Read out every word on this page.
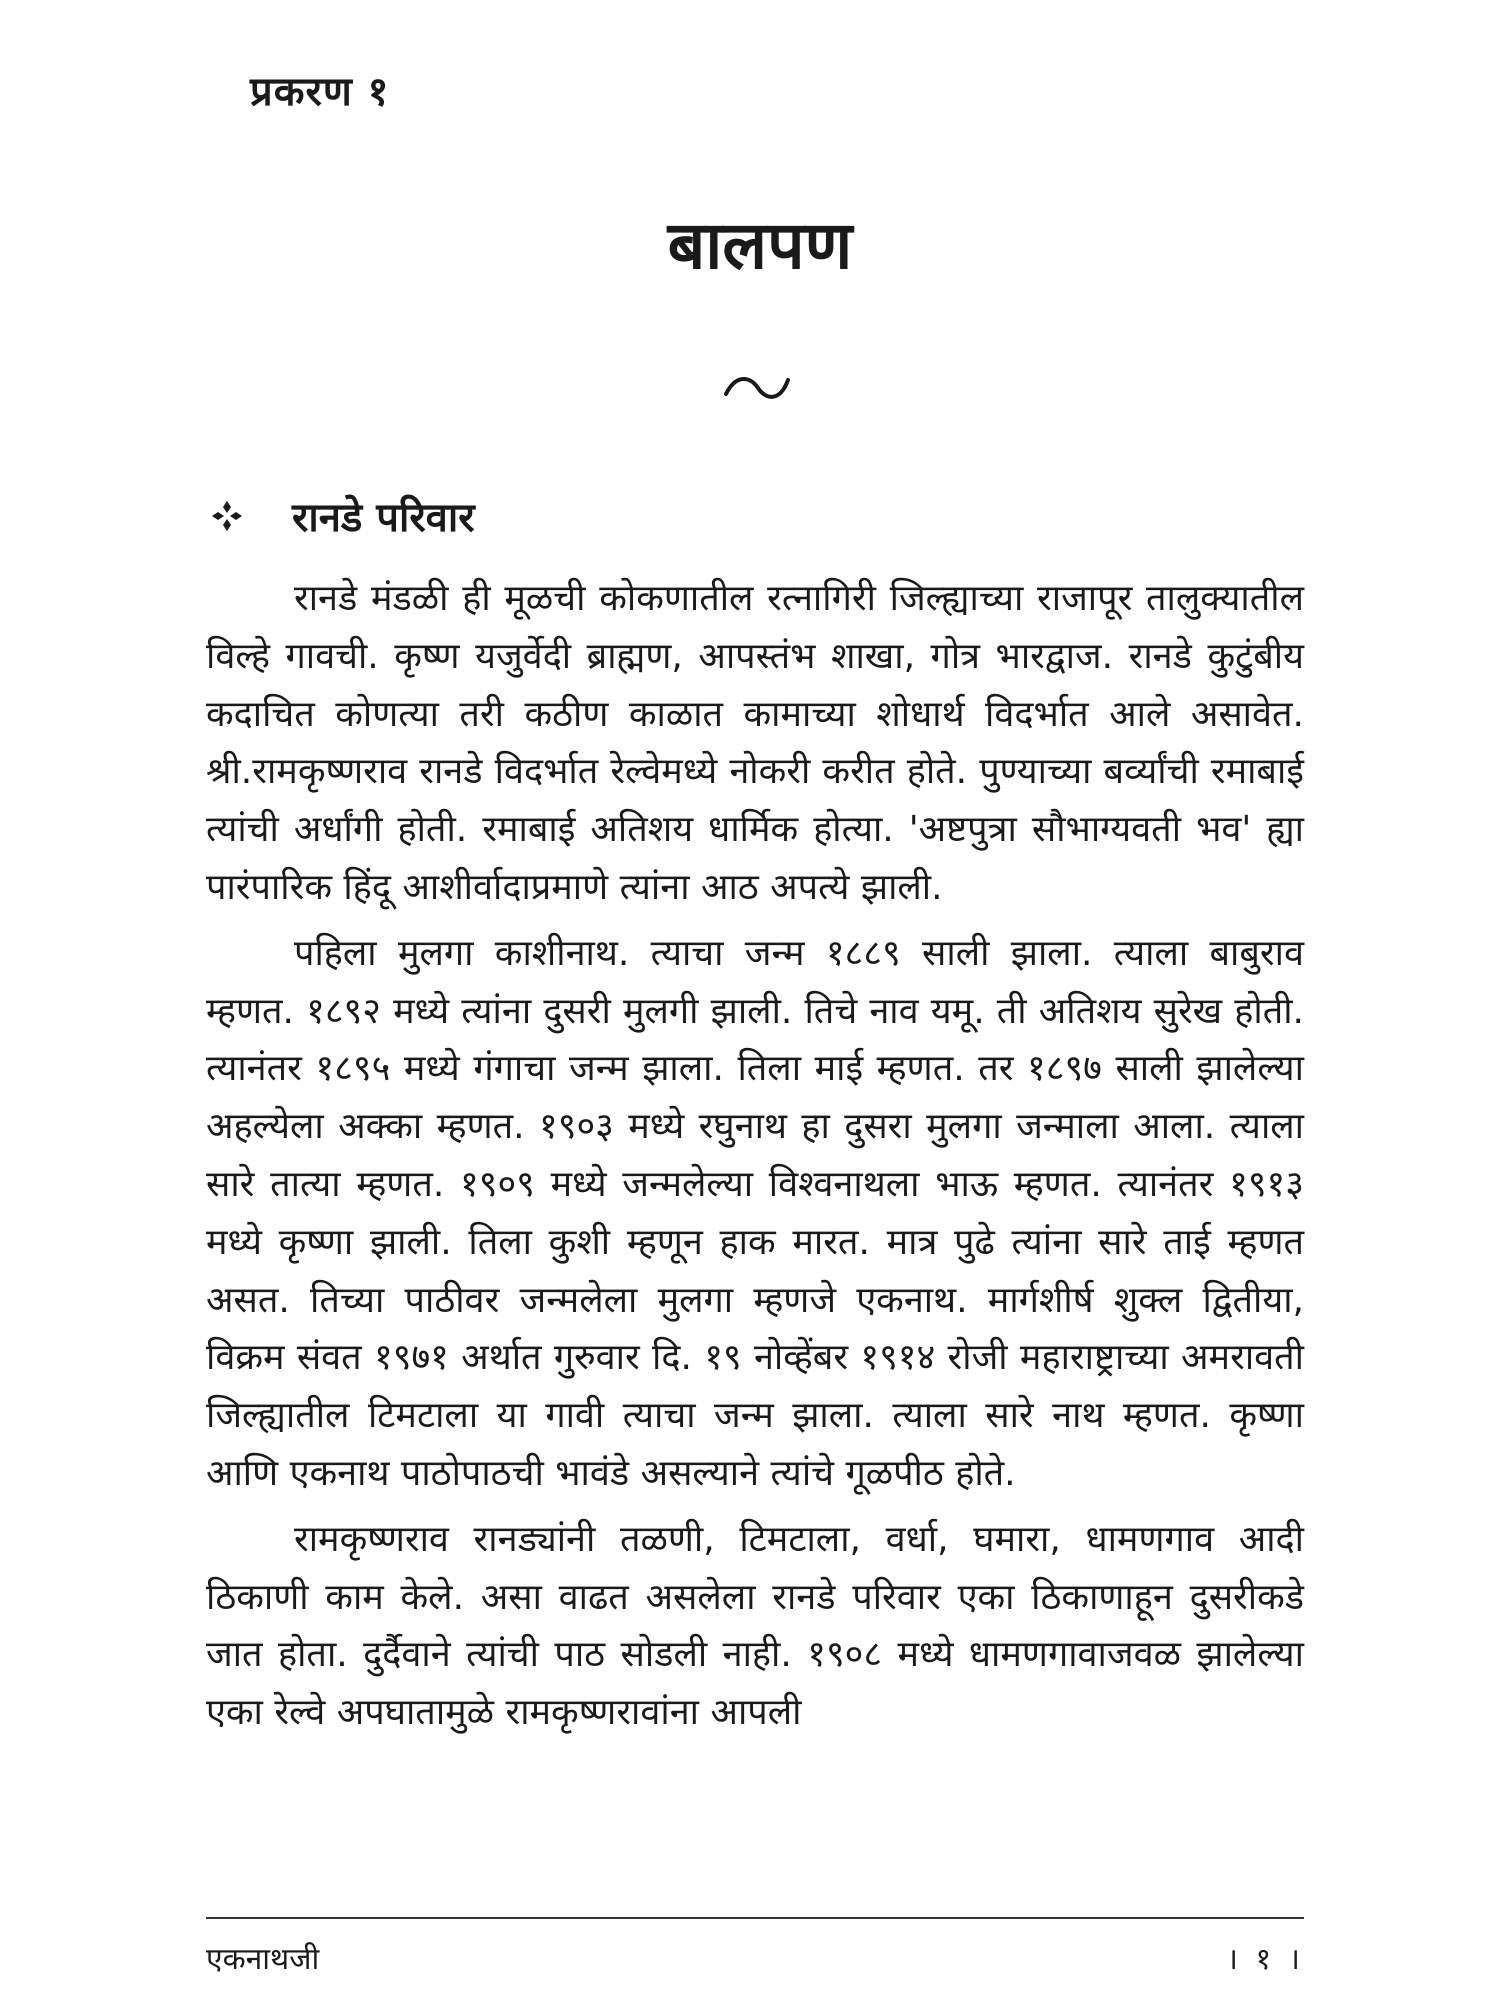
प्रकरण १
बालपण
रानडे परिवार

रानडे मंडळी ही मूळची कोकणातील रत्नागिरी जिल्ह्याच्या राजापूर तालुक्यातील विल्हे गावची. कृष्ण यजुर्वेदी ब्राह्मण, आपस्तंभ शाखा, गोत्र भारद्वाज. रानडे कुटुंबीय कदाचित कोणत्या तरी कठीण काळात कामाच्या शोधार्थ विदर्भात आले असावेत. श्री.रामकृष्णराव रानडे विदर्भात रेल्वेमध्ये नोकरी करीत होते. पुण्याच्या बर्व्यांची रमाबाई त्यांची अर्धांगी होती. रमाबाई अतिशय धार्मिक होत्या. 'अष्टपुत्रा सौभाग्यवती भव' ह्या पारंपारिक हिंदू आशीर्वादाप्रमाणे त्यांना आठ अपत्ये झाली.

पहिला मुलगा काशीनाथ. त्याचा जन्म १८८९ साली झाला. त्याला बाबुराव म्हणत. १८९२ मध्ये त्यांना दुसरी मुलगी झाली. तिचे नाव यमू. ती अतिशय सुरेख होती. त्यानंतर १८९५ मध्ये गंगाचा जन्म झाला. तिला माई म्हणत. तर १८९७ साली झालेल्या अहल्येला अक्का म्हणत. १९०३ मध्ये रघुनाथ हा दुसरा मुलगा जन्माला आला. त्याला सारे तात्या म्हणत. १९०९ मध्ये जन्मलेल्या विश्वनाथला भाऊ म्हणत. त्यानंतर १९१३ मध्ये कृष्णा झाली. तिला कुशी म्हणून हाक मारत. मात्र पुढे त्यांना सारे ताई म्हणत असत. तिच्या पाठीवर जन्मलेला मुलगा म्हणजे एकनाथ. मार्गशीर्ष शुक्ल द्वितीया, विक्रम संवत १९७१ अर्थात गुरुवार दि. १९ नोव्हेंबर १९१४ रोजी महाराष्ट्राच्या अमरावती जिल्ह्यातील टिमटाला या गावी त्याचा जन्म झाला. त्याला सारे नाथ म्हणत. कृष्णा आणि एकनाथ पाठोपाठची भावंडे असल्याने त्यांचे गूळपीठ होते.

रामकृष्णराव रानड्यांनी तळणी, टिमटाला, वर्धा, घमारा, धामणगाव आदी ठिकाणी काम केले. असा वाढत असलेला रानडे परिवार एका ठिकाणाहून दुसरीकडे जात होता. दुर्दैवाने त्यांची पाठ सोडली नाही. १९०८ मध्ये धामणगावाजवळ झालेल्या एका रेल्वे अपघातामुळे रामकृष्णरावांना आपली

एकनाथजी	। १ ।
